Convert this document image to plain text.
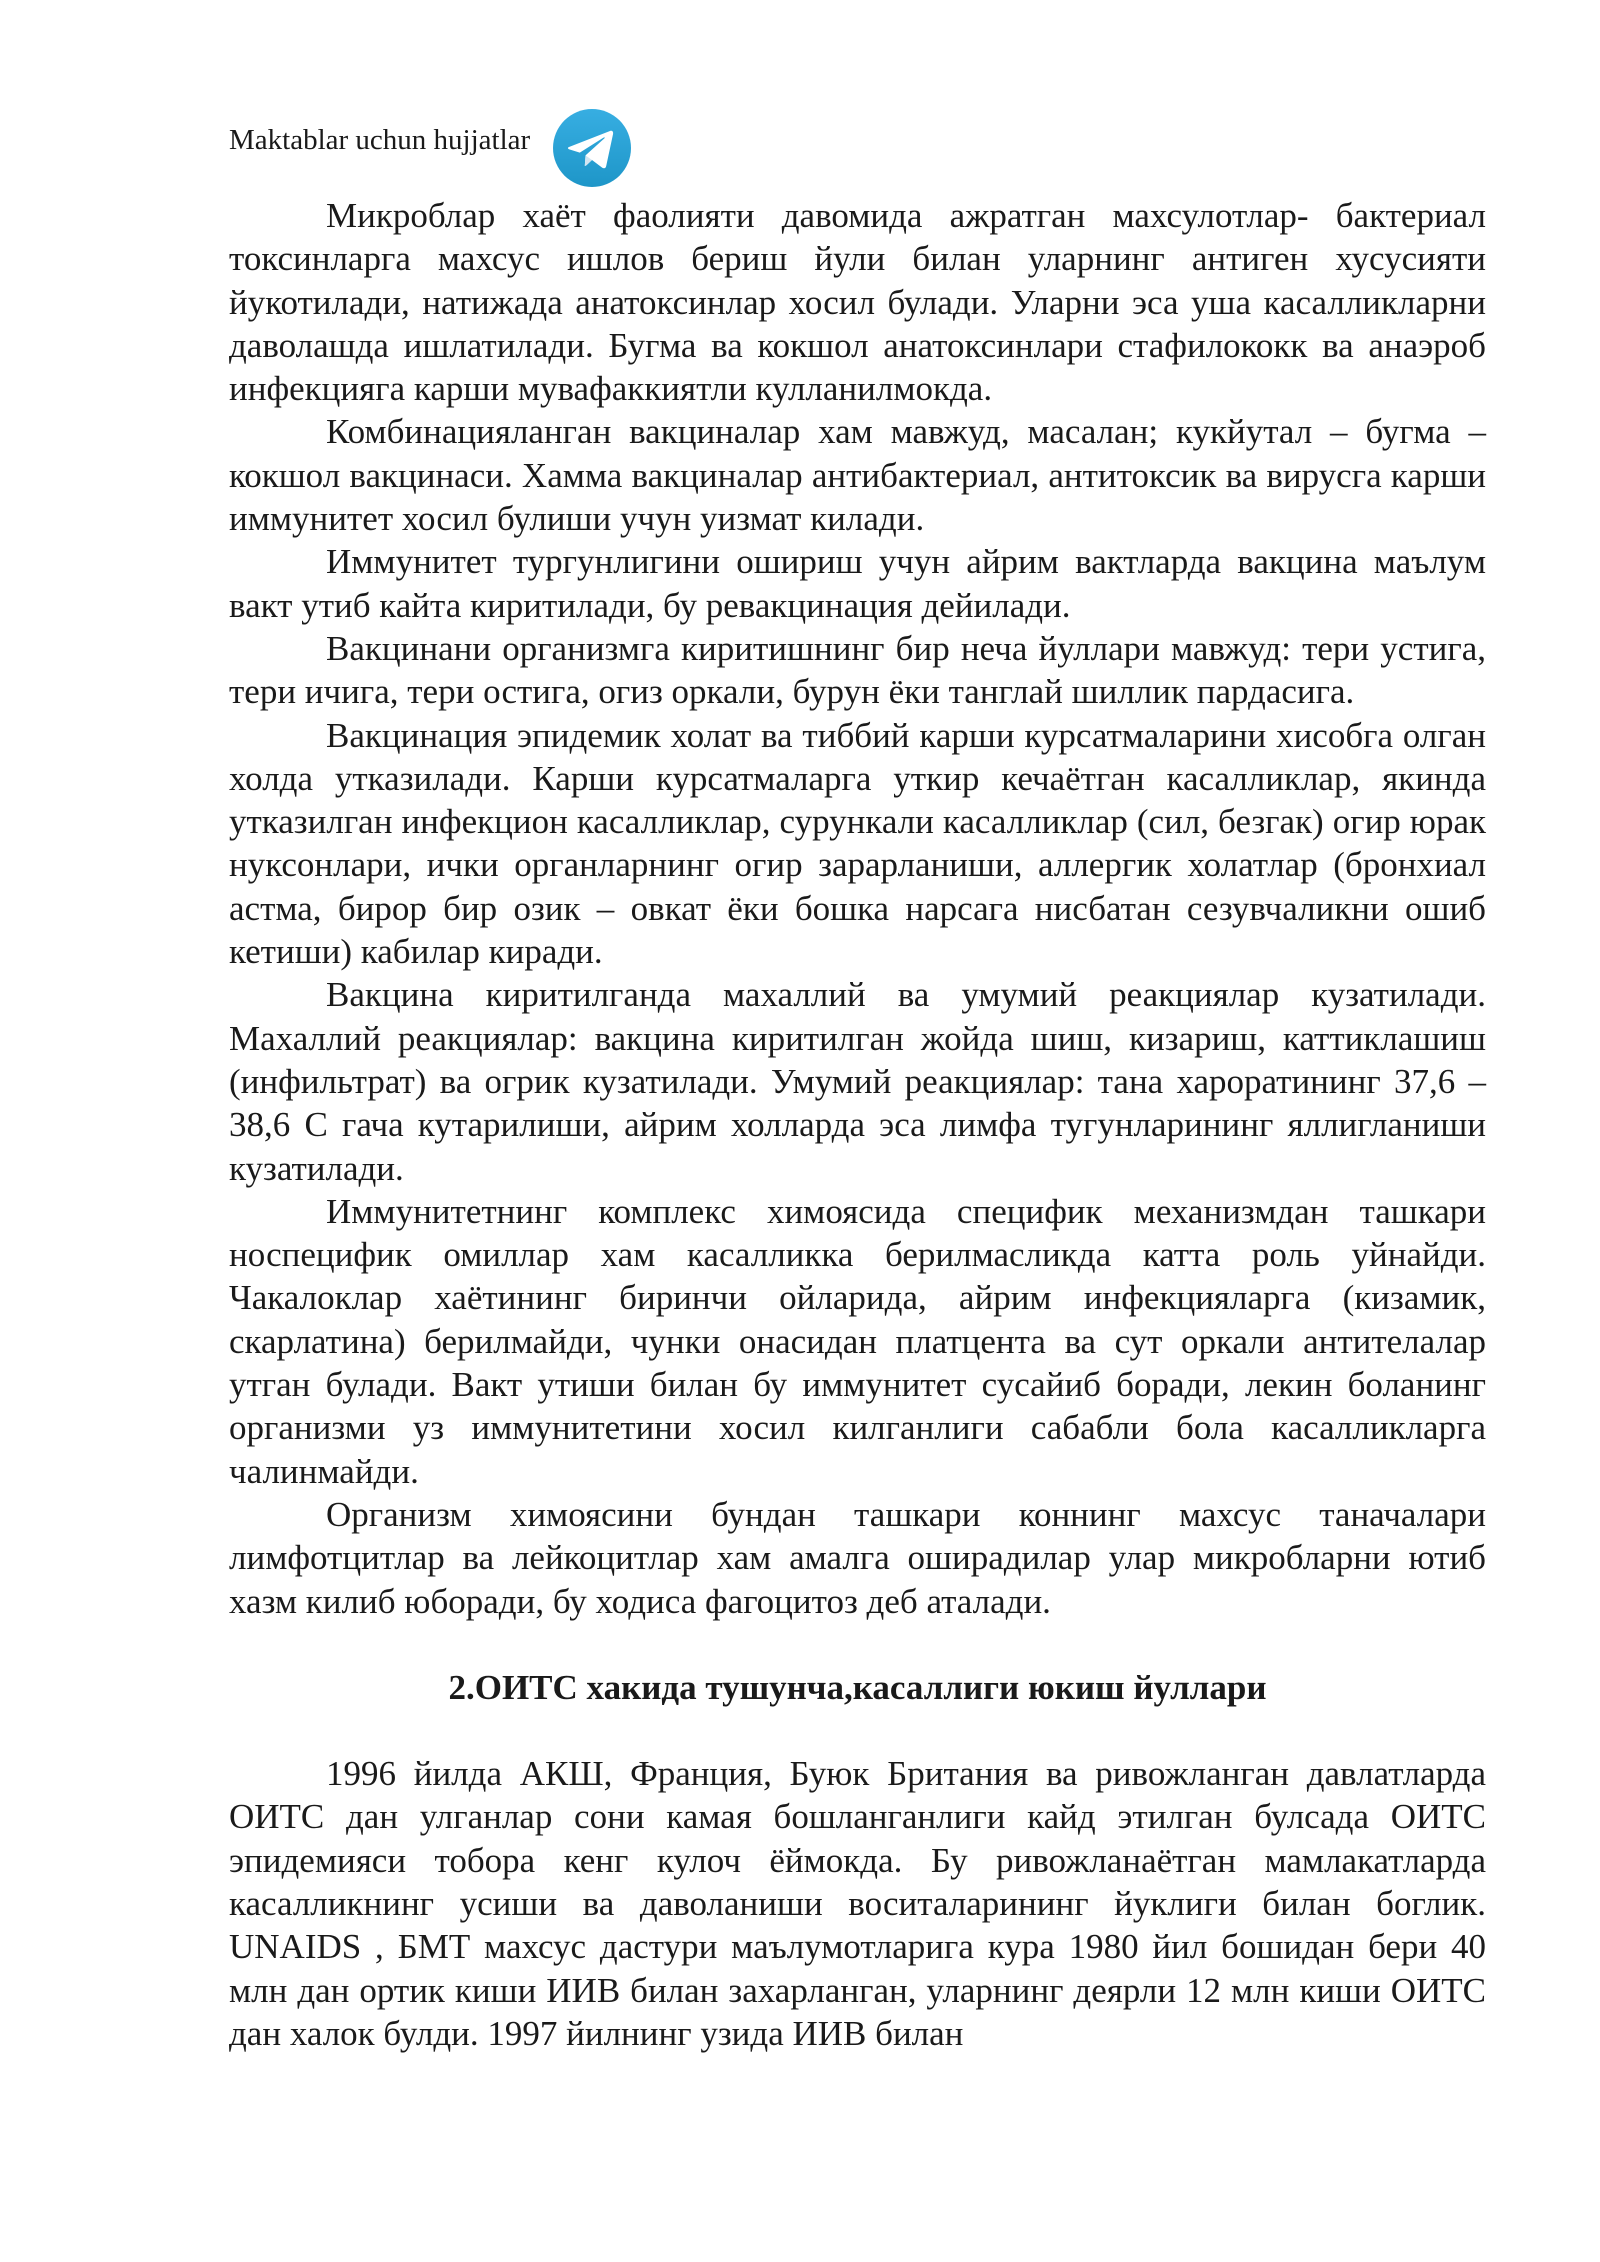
Maktablar uchun hujjatlar

Микроблар хаёт фаолияти давомида ажратган махсулотлар- бактериал токсинларга махсус ишлов бериш йули билан уларнинг антиген хусусияти йукотилади, натижада анатоксинлар хосил булади. Уларни эса уша касалликларни даволашда ишлатилади. Бугма ва кокшол анатоксинлари стафилококк ва анаэроб инфекцияга карши мувафаккиятли кулланилмокда.

Комбинацияланган вакциналар хам мавжуд, масалан; кукйутал – бугма – кокшол вакцинаси. Хамма вакциналар антибактериал, антитоксик ва вирусга карши иммунитет хосил булиши учун уизмат килади.

Иммунитет тургунлигини ошириш учун айрим вактларда вакцина маълум вакт утиб кайта киритилади, бу ревакцинация дейилади.

Вакцинани организмга киритишнинг бир неча йуллари мавжуд: тери устига, тери ичига, тери остига, огиз оркали, бурун ёки танглай шиллик пардасига.

Вакцинация эпидемик холат ва тиббий карши курсатмаларини хисобга олган холда утказилади. Карши курсатмаларга уткир кечаётган касалликлар, якинда утказилган инфекцион касалликлар, сурункали касалликлар (сил, безгак) огир юрак нуксонлари, ички органларнинг огир зарарланиши, аллергик холатлар (бронхиал астма, бирор бир озик – овкат ёки бошка нарсага нисбатан сезувчаликни ошиб кетиши) кабилар киради.

Вакцина киритилганда махаллий ва умумий реакциялар кузатилади. Махаллий реакциялар: вакцина киритилган жойда шиш, кизариш, каттиклашиш (инфильтрат) ва огрик кузатилади. Умумий реакциялар: тана хароратининг 37,6 – 38,6 С гача кутарилиши, айрим холларда эса лимфа тугунларининг яллигланиши кузатилади.

Иммунитетнинг комплекс химоясида специфик механизмдан ташкари носпецифик омиллар хам касалликка берилмасликда катта роль уйнайди. Чакалоклар хаётининг биринчи ойларида, айрим инфекцияларга (кизамик, скарлатина) берилмайди, чунки онасидан платцента ва сут оркали антителалар утган булади. Вакт утиши билан бу иммунитет сусайиб боради, лекин боланинг организми уз иммунитетини хосил килганлиги сабабли бола касалликларга чалинмайди.

Организм химоясини бундан ташкари коннинг махсус таначалари лимфотцитлар ва лейкоцитлар хам амалга оширадилар улар микробларни ютиб хазм килиб юборади, бу ходиса фагоцитоз деб аталади.

2.ОИТС хакида тушунча,касаллиги юкиш йуллари

1996 йилда АКШ, Франция, Буюк Британия ва ривожланган давлатларда ОИТС дан улганлар сони камая бошланганлиги кайд этилган булсада ОИТС эпидемияси тобора кенг кулоч ёймокда. Бу ривожланаётган мамлакатларда касалликнинг усиши ва даволаниши воситаларининг йуклиги билан боглик. UNAIDS , БМТ махсус дастури маълумотларига кура 1980 йил бошидан бери 40 млн дан ортик киши ИИВ билан захарланган, уларнинг деярли 12 млн киши ОИТС дан халок булди. 1997 йилнинг узида ИИВ билан
